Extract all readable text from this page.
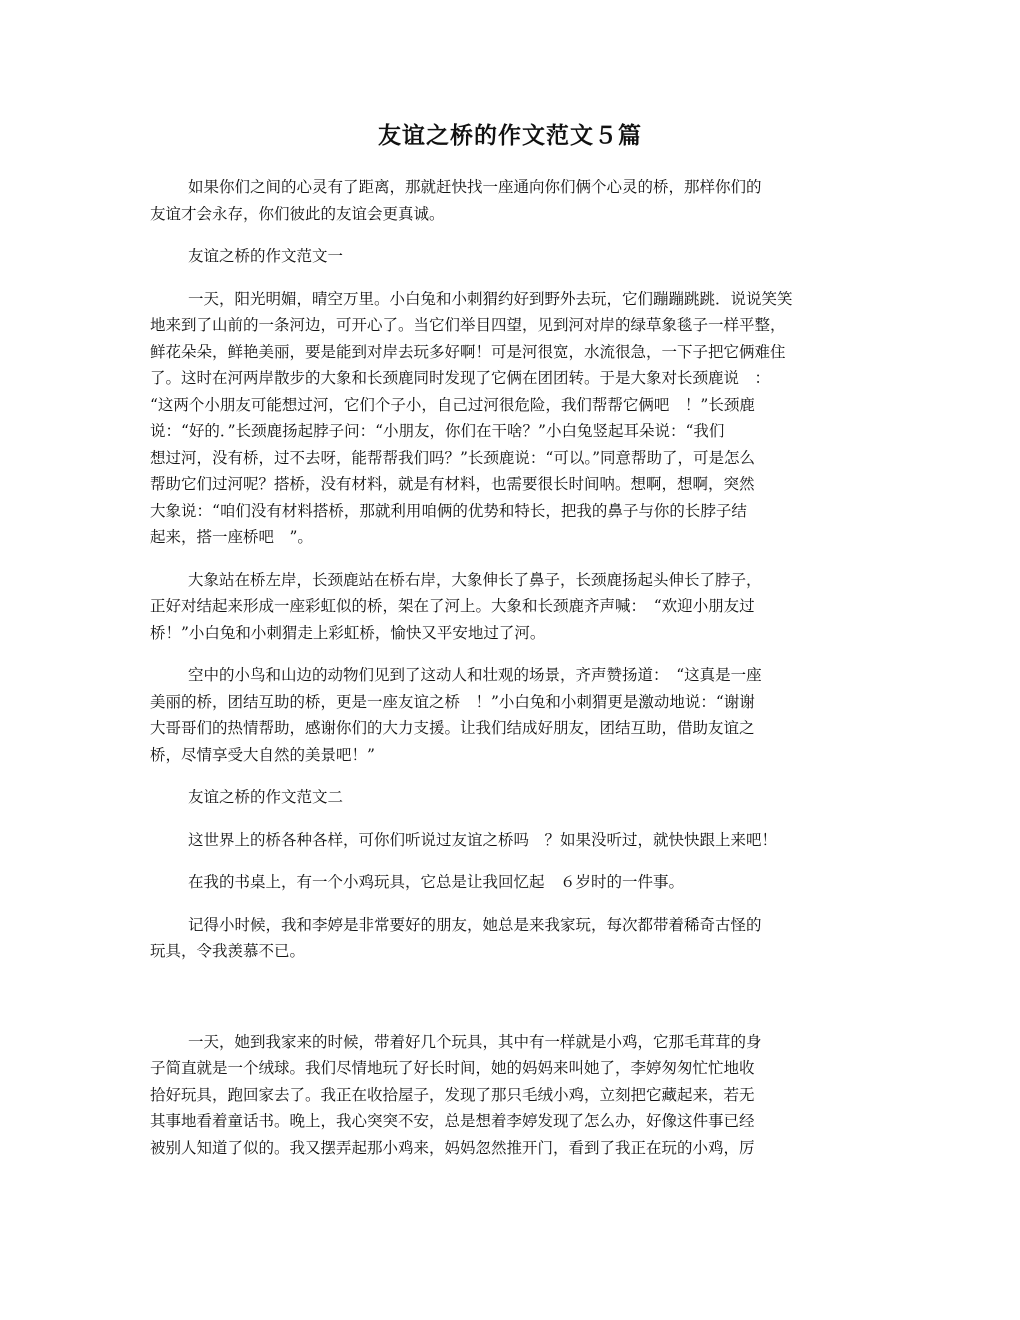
友谊之桥的作文范文５篇
如果你们之间的心灵有了距离，那就赶快找一座通向你们俩个心灵的桥，那样你们的
友谊才会永存，你们彼此的友谊会更真诚。
友谊之桥的作文范文一
一天，阳光明媚，晴空万里。小白兔和小刺猬约好到野外去玩，它们蹦蹦跳跳．说说笑笑
地来到了山前的一条河边，可开心了。当它们举目四望，见到河对岸的绿草象毯子一样平整，
鲜花朵朵，鲜艳美丽，要是能到对岸去玩多好啊！可是河很宽，水流很急，一下子把它俩难住
了。这时在河两岸散步的大象和长颈鹿同时发现了它俩在团团转。于是大象对长颈鹿说　：
“这两个小朋友可能想过河，它们个子小，自己过河很危险，我们帮帮它俩吧　！”长颈鹿
说：“好的．”长颈鹿扬起脖子问：“小朋友，你们在干啥？”小白兔竖起耳朵说：“我们
想过河，没有桥，过不去呀，能帮帮我们吗？”长颈鹿说：“可以。”同意帮助了，可是怎么
帮助它们过河呢？搭桥，没有材料，就是有材料，也需要很长时间呐。想啊，想啊，突然
大象说：“咱们没有材料搭桥，那就利用咱俩的优势和特长，把我的鼻子与你的长脖子结
起来，搭一座桥吧　”。
大象站在桥左岸，长颈鹿站在桥右岸，大象伸长了鼻子，长颈鹿扬起头伸长了脖子，
正好对结起来形成一座彩虹似的桥，架在了河上。大象和长颈鹿齐声喊：　“欢迎小朋友过
桥！”小白兔和小刺猬走上彩虹桥，愉快又平安地过了河。
空中的小鸟和山边的动物们见到了这动人和壮观的场景，齐声赞扬道：　“这真是一座
美丽的桥，团结互助的桥，更是一座友谊之桥　！”小白兔和小刺猬更是激动地说：“谢谢
大哥哥们的热情帮助，感谢你们的大力支援。让我们结成好朋友，团结互助，借助友谊之
桥，尽情享受大自然的美景吧！”
友谊之桥的作文范文二
这世界上的桥各种各样，可你们听说过友谊之桥吗　？如果没听过，就快快跟上来吧！
在我的书桌上，有一个小鸡玩具，它总是让我回忆起　６岁时的一件事。
记得小时候，我和李婷是非常要好的朋友，她总是来我家玩，每次都带着稀奇古怪的
玩具，令我羡慕不已。
一天，她到我家来的时候，带着好几个玩具，其中有一样就是小鸡，它那毛茸茸的身
子简直就是一个绒球。我们尽情地玩了好长时间，她的妈妈来叫她了，李婷匆匆忙忙地收
拾好玩具，跑回家去了。我正在收拾屋子，发现了那只毛绒小鸡，立刻把它藏起来，若无
其事地看着童话书。晚上，我心突突不安，总是想着李婷发现了怎么办，好像这件事已经
被别人知道了似的。我又摆弄起那小鸡来，妈妈忽然推开门，看到了我正在玩的小鸡，厉
